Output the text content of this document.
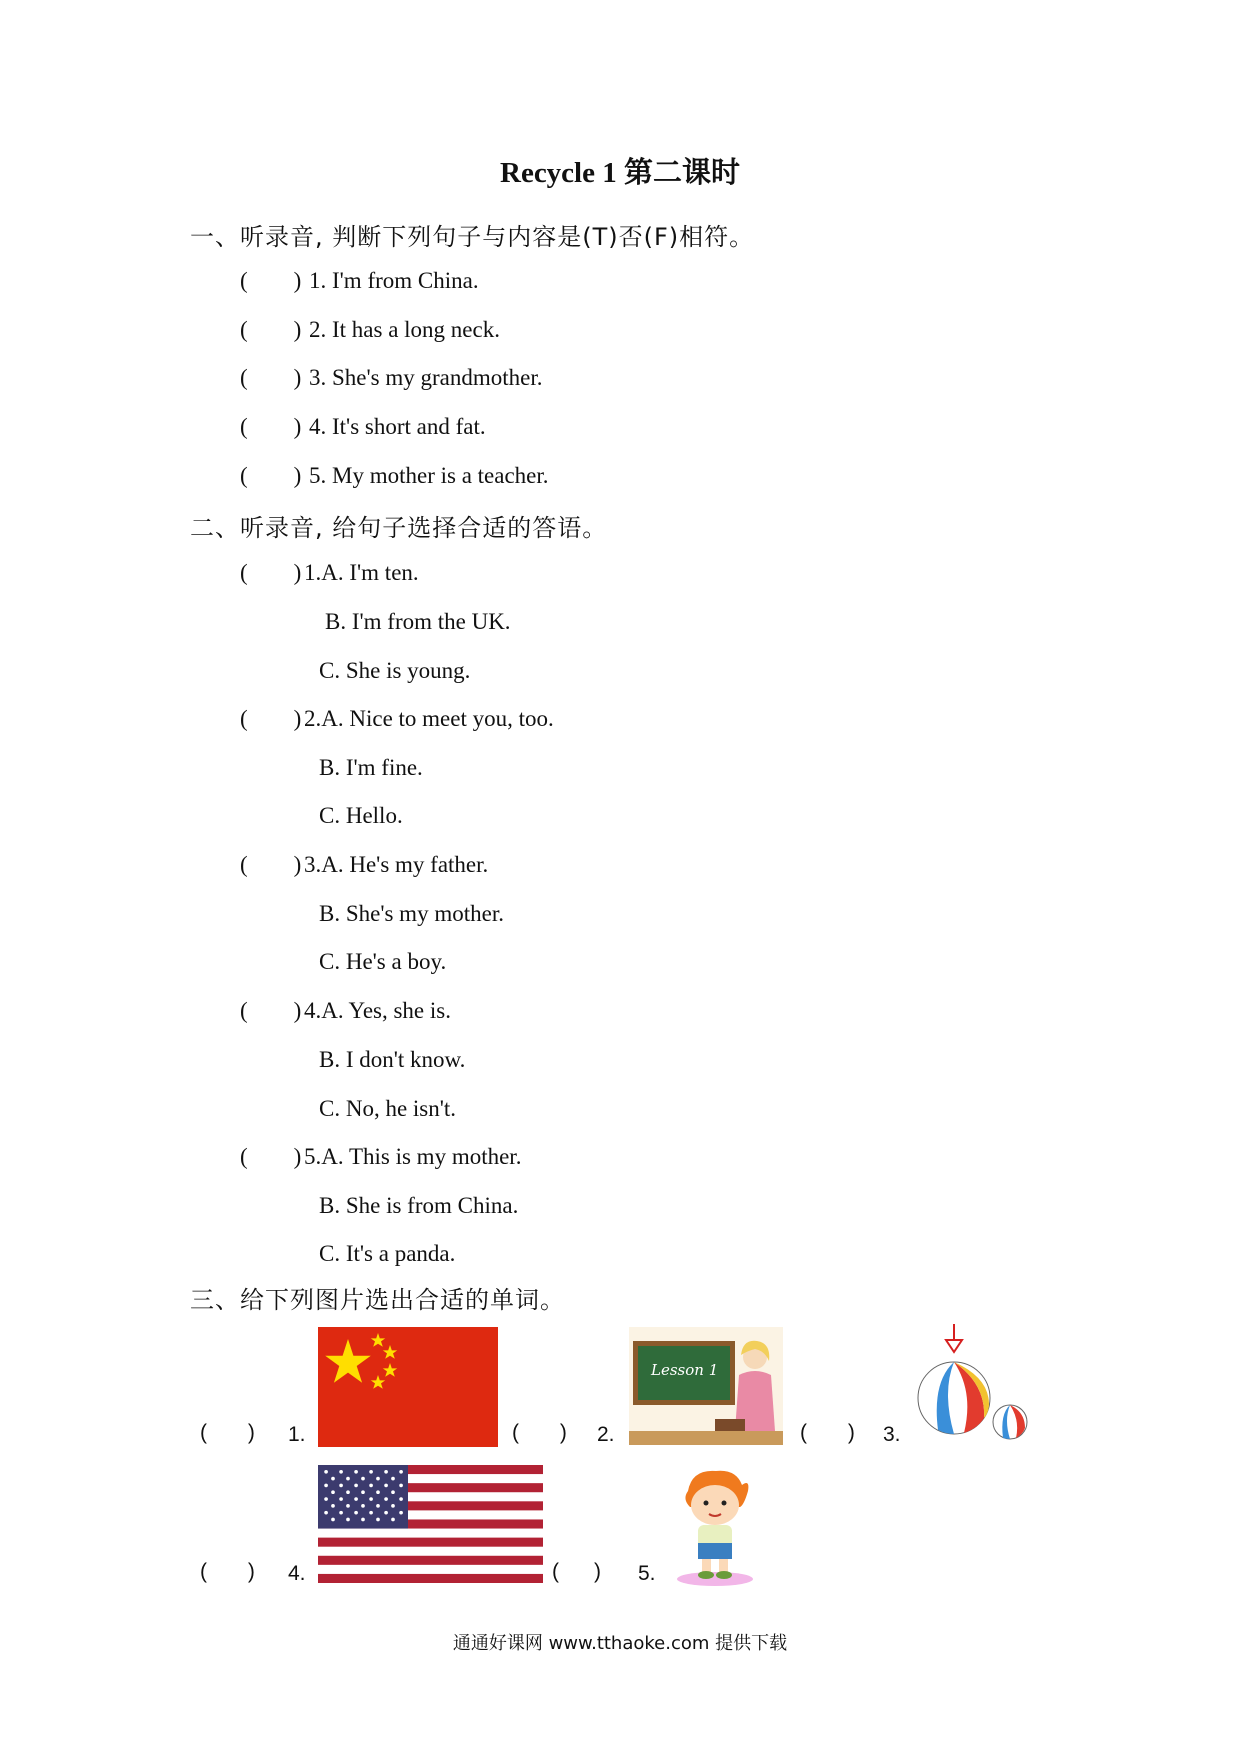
Recycle 1 第二课时
一、听录音, 判断下列句子与内容是(T)否(F)相符。
(        ) 1. I'm from China.
(        ) 2. It has a long neck.
(        ) 3. She's my grandmother.
(        ) 4. It's short and fat.
(        ) 5. My mother is a teacher.
二、听录音, 给句子选择合适的答语。
(        ) 1.A. I'm ten.
B. I'm from the UK.
C. She is young.
(        ) 2.A. Nice to meet you, too.
B. I'm fine.
C. Hello.
(        ) 3.A. He's my father.
B. She's my mother.
C. He's a boy.
(        ) 4.A. Yes, she is.
B. I don't know.
C. No, he isn't.
(        ) 5.A. This is my mother.
B. She is from China.
C. It's a panda.
三、给下列图片选出合适的单词。
(       ) 1.	(       ) 2.
Lesson 1
(       ) 3.
(       ) 4.	(      ) 5.
通通好课网 www.tthaoke.com 提供下载
